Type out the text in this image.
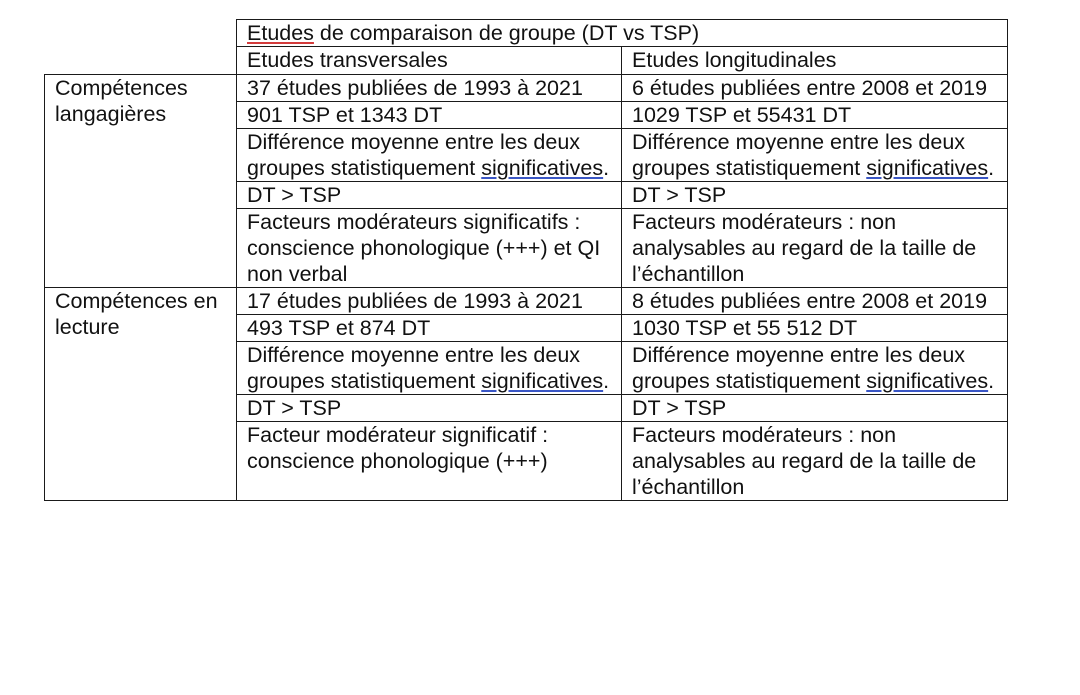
	Etudes de comparaison de groupe (DT vs TSP)	
	Etudes transversales	Etudes longitudinales
Compétences langagières	37 études publiées de 1993 à 2021	6 études publiées entre 2008 et 2019
	901 TSP et 1343 DT	1029 TSP et 55431 DT
	Différence moyenne entre les deux groupes statistiquement significatives.	Différence moyenne entre les deux groupes statistiquement significatives.
	DT > TSP	DT > TSP
	Facteurs modérateurs significatifs : conscience phonologique (+++) et QI non verbal	Facteurs modérateurs : non analysables au regard de la taille de l’échantillon
Compétences en lecture	17 études publiées de 1993 à 2021	8 études publiées entre 2008 et 2019
	493 TSP et 874 DT	1030 TSP et 55 512 DT
	Différence moyenne entre les deux groupes statistiquement significatives.	Différence moyenne entre les deux groupes statistiquement significatives.
	DT > TSP	DT > TSP
	Facteur modérateur significatif : conscience phonologique (+++)	Facteurs modérateurs : non analysables au regard de la taille de l’échantillon
